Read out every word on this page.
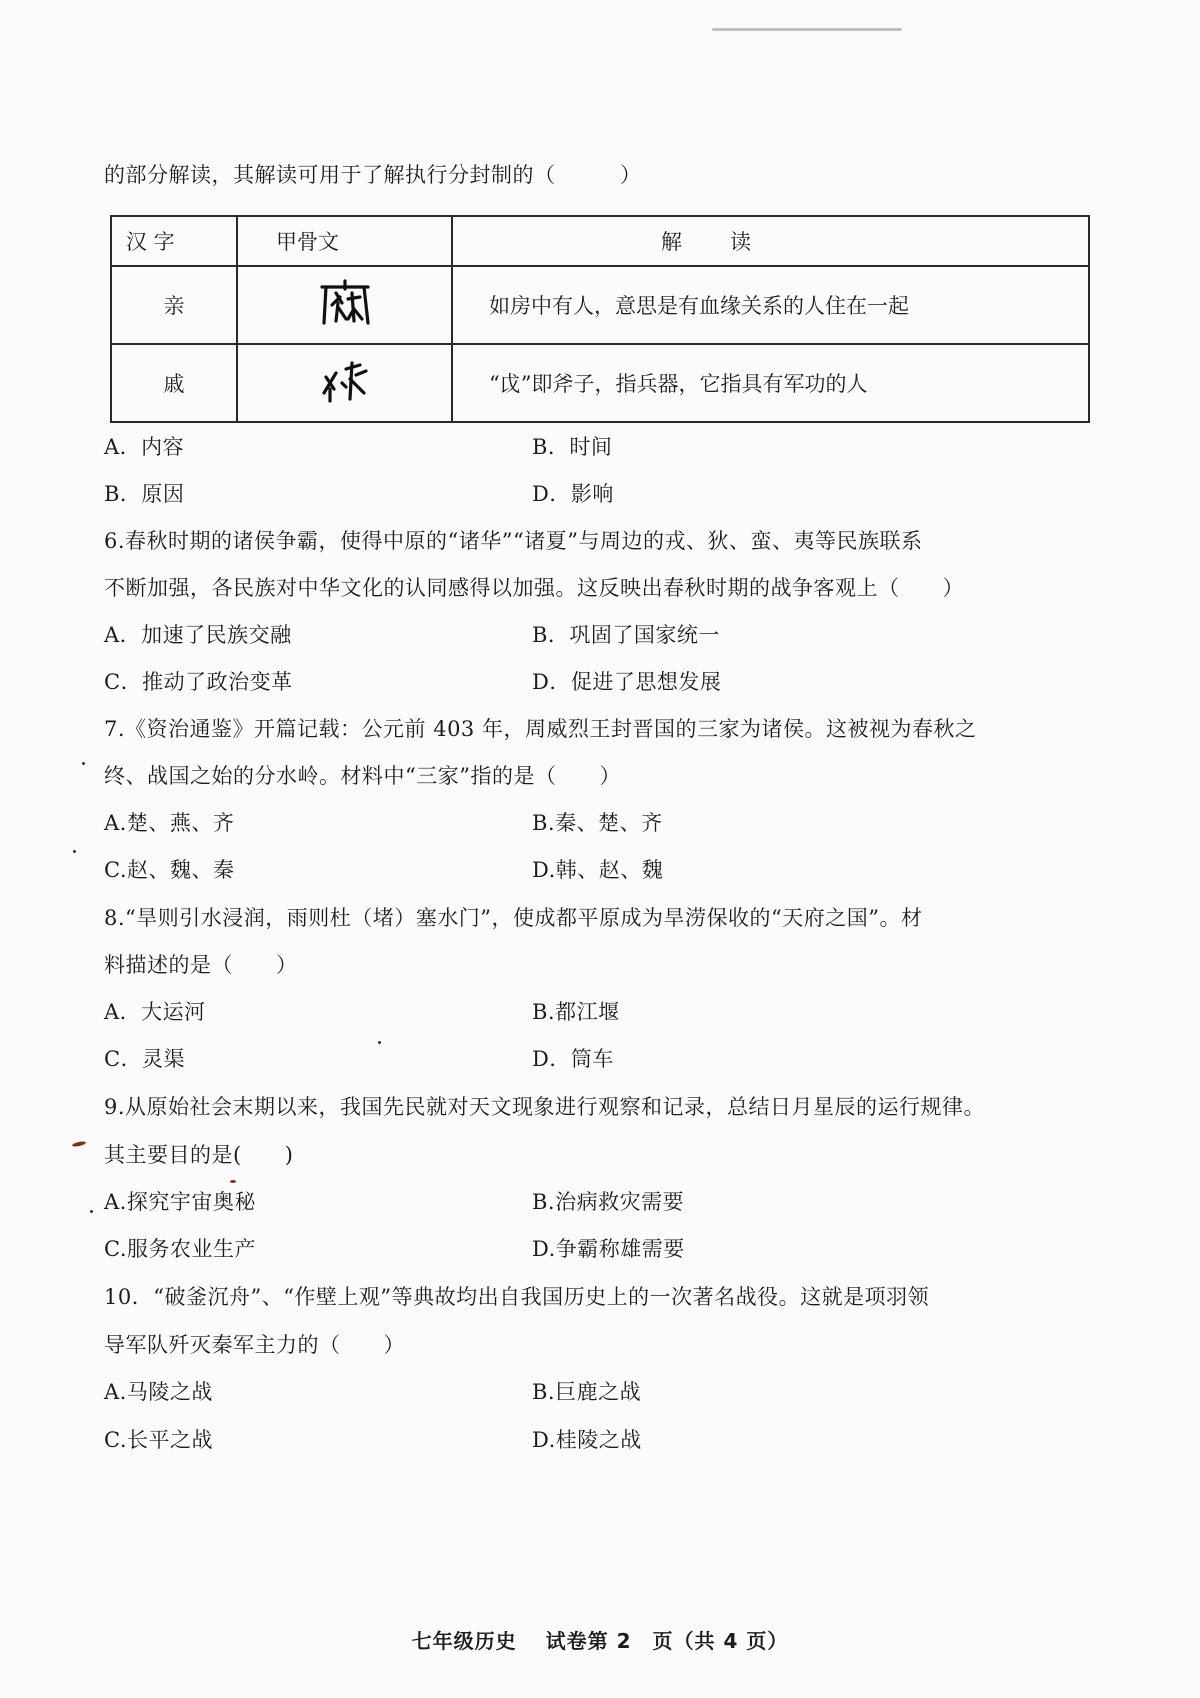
的部分解读，其解读可用于了解执行分封制的（　　　）
汉 字	甲骨文	解　　读
亲		如房中有人，意思是有血缘关系的人住在一起
戚		“戉”即斧子，指兵器，它指具有军功的人
A．内容	B．时间
B．原因	D．影响
6.春秋时期的诸侯争霸，使得中原的“诸华”“诸夏”与周边的戎、狄、蛮、夷等民族联系
不断加强，各民族对中华文化的认同感得以加强。这反映出春秋时期的战争客观上（　　）
A．加速了民族交融	B．巩固了国家统一
C．推动了政治变革	D．促进了思想发展
7.《资治通鉴》开篇记载：公元前 403 年，周威烈王封晋国的三家为诸侯。这被视为春秋之
终、战国之始的分水岭。材料中“三家”指的是（　　）
A.楚、燕、齐	B.秦、楚、齐
C.赵、魏、秦	D.韩、赵、魏
8.“旱则引水浸润，雨则杜（堵）塞水门”，使成都平原成为旱涝保收的“天府之国”。材
料描述的是（　　）
A．大运河	B.都江堰
C．灵渠	D．筒车
9.从原始社会末期以来，我国先民就对天文现象进行观察和记录，总结日月星辰的运行规律。
其主要目的是(　　)
A.探究宇宙奥秘	B.治病救灾需要
C.服务农业生产	D.争霸称雄需要
10．“破釜沉舟”、“作壁上观”等典故均出自我国历史上的一次著名战役。这就是项羽领
导军队歼灭秦军主力的（　　）
A.马陵之战	B.巨鹿之战
C.长平之战	D.桂陵之战
七年级历史　 试卷第 2　页（共 4 页）
